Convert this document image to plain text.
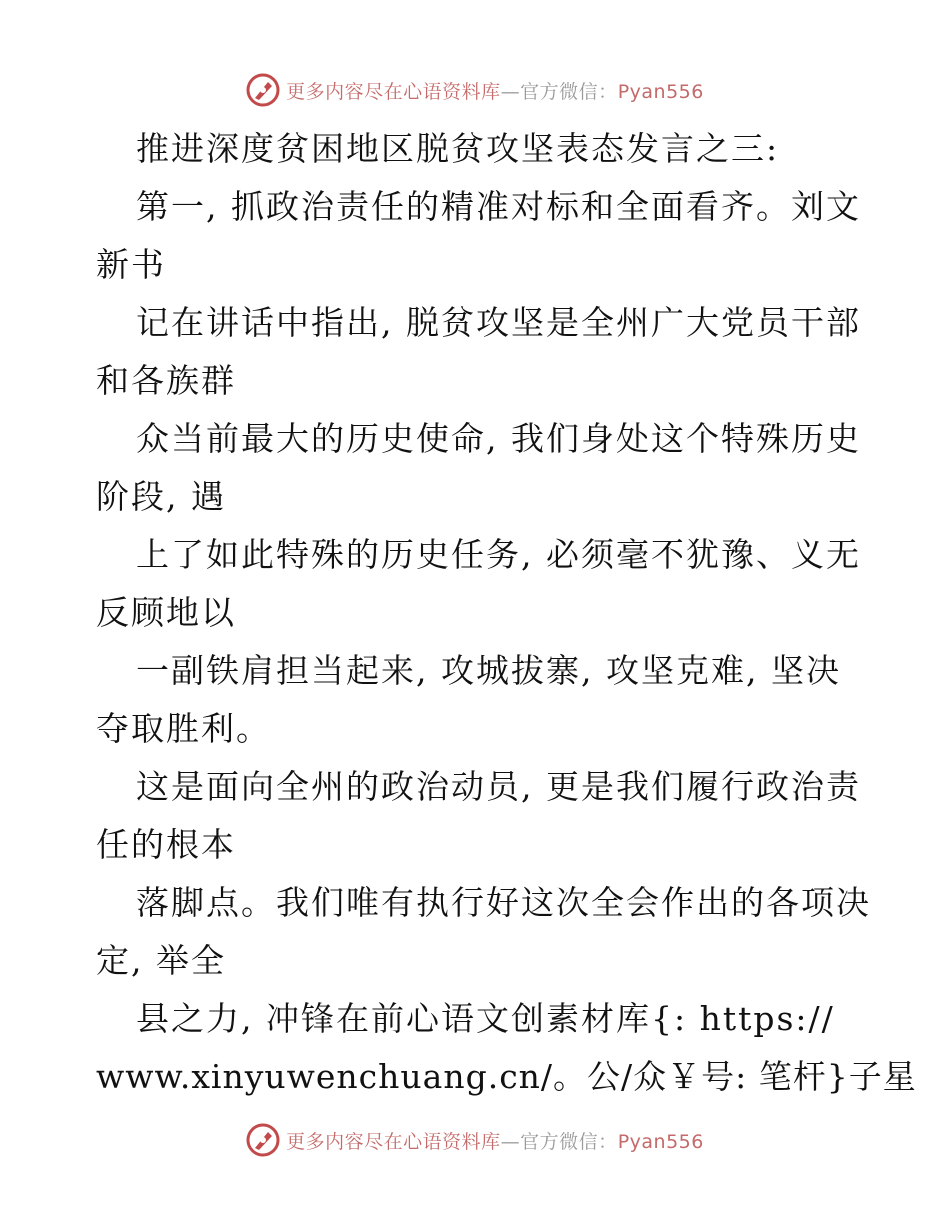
更多内容尽在心语资料库—官方微信：Pyan556
推进深度贫困地区脱贫攻坚表态发言之三:
第一, 抓政治责任的精准对标和全面看齐。刘文
新书
记在讲话中指出, 脱贫攻坚是全州广大党员干部
和各族群
众当前最大的历史使命, 我们身处这个特殊历史
阶段, 遇
上了如此特殊的历史任务, 必须毫不犹豫、义无
反顾地以
一副铁肩担当起来, 攻城拔寨, 攻坚克难, 坚决
夺取胜利。
这是面向全州的政治动员, 更是我们履行政治责
任的根本
落脚点。我们唯有执行好这次全会作出的各项决
定, 举全
县之力, 冲锋在前心语文创素材库{: https://
www.xinyuwenchuang.cn/。公/众￥号: 笔杆}子星
更多内容尽在心语资料库—官方微信：Pyan556
